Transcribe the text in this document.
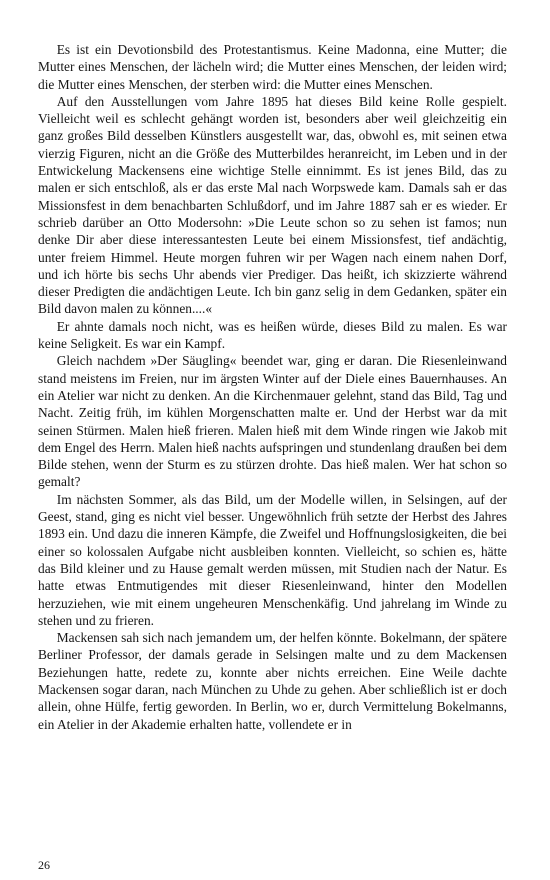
Es ist ein Devotionsbild des Protestantismus. Keine Madonna, eine Mutter; die Mutter eines Menschen, der lächeln wird; die Mutter eines Menschen, der leiden wird; die Mutter eines Menschen, der sterben wird: die Mutter eines Menschen.

Auf den Ausstellungen vom Jahre 1895 hat dieses Bild keine Rolle gespielt. Vielleicht weil es schlecht gehängt worden ist, besonders aber weil gleichzeitig ein ganz großes Bild desselben Künstlers ausgestellt war, das, obwohl es, mit seinen etwa vierzig Figuren, nicht an die Größe des Mutterbildes heranreicht, im Leben und in der Entwickelung Mackensens eine wichtige Stelle einnimmt. Es ist jenes Bild, das zu malen er sich entschloß, als er das erste Mal nach Worpswede kam. Damals sah er das Missionsfest in dem benachbarten Schlußdorf, und im Jahre 1887 sah er es wieder. Er schrieb darüber an Otto Modersohn: »Die Leute schon so zu sehen ist famos; nun denke Dir aber diese interessantesten Leute bei einem Missionsfest, tief andächtig, unter freiem Himmel. Heute morgen fuhren wir per Wagen nach einem nahen Dorf, und ich hörte bis sechs Uhr abends vier Prediger. Das heißt, ich skizzierte während dieser Predigten die andächtigen Leute. Ich bin ganz selig in dem Gedanken, später ein Bild davon malen zu können....«

Er ahnte damals noch nicht, was es heißen würde, dieses Bild zu malen. Es war keine Seligkeit. Es war ein Kampf.

Gleich nachdem »Der Säugling« beendet war, ging er daran. Die Riesenleinwand stand meistens im Freien, nur im ärgsten Winter auf der Diele eines Bauernhauses. An ein Atelier war nicht zu denken. An die Kirchenmauer gelehnt, stand das Bild, Tag und Nacht. Zeitig früh, im kühlen Morgenschatten malte er. Und der Herbst war da mit seinen Stürmen. Malen hieß frieren. Malen hieß mit dem Winde ringen wie Jakob mit dem Engel des Herrn. Malen hieß nachts aufspringen und stundenlang draußen bei dem Bilde stehen, wenn der Sturm es zu stürzen drohte. Das hieß malen. Wer hat schon so gemalt?

Im nächsten Sommer, als das Bild, um der Modelle willen, in Selsingen, auf der Geest, stand, ging es nicht viel besser. Ungewöhnlich früh setzte der Herbst des Jahres 1893 ein. Und dazu die inneren Kämpfe, die Zweifel und Hoffnungslosigkeiten, die bei einer so kolossalen Aufgabe nicht ausbleiben konnten. Vielleicht, so schien es, hätte das Bild kleiner und zu Hause gemalt werden müssen, mit Studien nach der Natur. Es hatte etwas Entmutigendes mit dieser Riesenleinwand, hinter den Modellen herzuziehen, wie mit einem ungeheuren Menschenkäfig. Und jahrelang im Winde zu stehen und zu frieren.

Mackensen sah sich nach jemandem um, der helfen könnte. Bokelmann, der spätere Berliner Professor, der damals gerade in Selsingen malte und zu dem Mackensen Beziehungen hatte, redete zu, konnte aber nichts erreichen. Eine Weile dachte Mackensen sogar daran, nach München zu Uhde zu gehen. Aber schließlich ist er doch allein, ohne Hülfe, fertig geworden. In Berlin, wo er, durch Vermittelung Bokelmanns, ein Atelier in der Akademie erhalten hatte, vollendete er in

26
